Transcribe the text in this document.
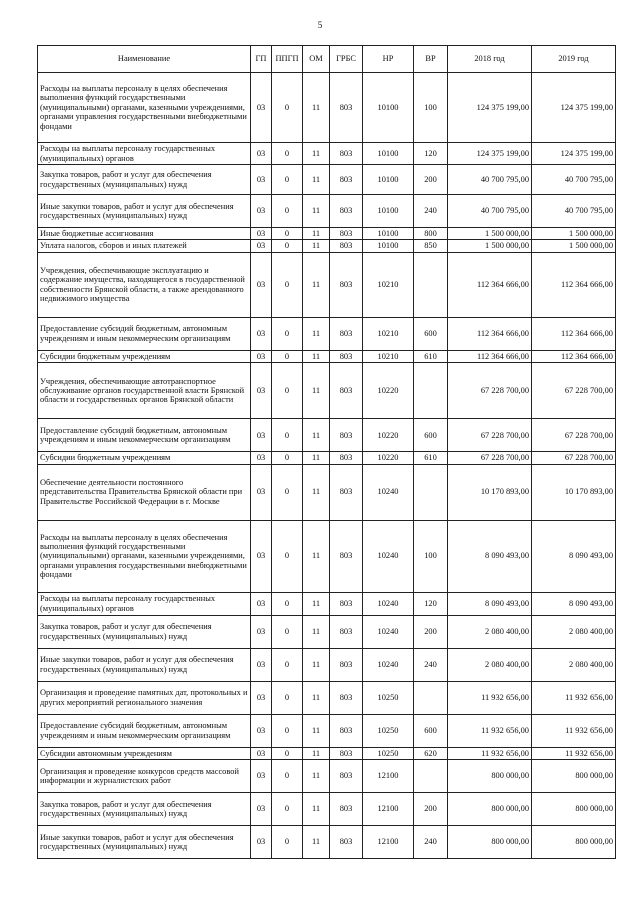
5
Наименование	ГП	ППГП	ОМ	ГРБС	НР	ВР	2018 год	2019 год
Расходы на выплаты персоналу в целях обеспечения выполнения функций государственными (муниципальными) органами, казенными учреждениями, органами управления государственными внебюджетными фондами	03	0	11	803	10100	100	124 375 199,00	124 375 199,00
Расходы на выплаты персоналу государственных (муниципальных) органов	03	0	11	803	10100	120	124 375 199,00	124 375 199,00
Закупка товаров, работ и услуг для обеспечения государственных (муниципальных) нужд	03	0	11	803	10100	200	40 700 795,00	40 700 795,00
Иные закупки товаров, работ и услуг для обеспечения государственных (муниципальных) нужд	03	0	11	803	10100	240	40 700 795,00	40 700 795,00
Иные бюджетные ассигнования	03	0	11	803	10100	800	1 500 000,00	1 500 000,00
Уплата налогов, сборов и иных платежей	03	0	11	803	10100	850	1 500 000,00	1 500 000,00
Учреждения, обеспечивающие эксплуатацию и содержание имущества, находящегося в государственной собственности Брянской области, а также арендованного недвижимого имущества	03	0	11	803	10210		112 364 666,00	112 364 666,00
Предоставление субсидий бюджетным, автономным учреждениям и иным некоммерческим организациям	03	0	11	803	10210	600	112 364 666,00	112 364 666,00
Субсидии бюджетным учреждениям	03	0	11	803	10210	610	112 364 666,00	112 364 666,00
Учреждения, обеспечивающие автотранспортное обслуживание органов государственной власти Брянской области и государственных органов Брянской области	03	0	11	803	10220		67 228 700,00	67 228 700,00
Предоставление субсидий бюджетным, автономным учреждениям и иным некоммерческим организациям	03	0	11	803	10220	600	67 228 700,00	67 228 700,00
Субсидии бюджетным учреждениям	03	0	11	803	10220	610	67 228 700,00	67 228 700,00
Обеспечение деятельности постоянного представительства Правительства Брянской области при Правительстве Российской Федерации в г. Москве	03	0	11	803	10240		10 170 893,00	10 170 893,00
Расходы на выплаты персоналу в целях обеспечения выполнения функций государственными (муниципальными) органами, казенными учреждениями, органами управления государственными внебюджетными фондами	03	0	11	803	10240	100	8 090 493,00	8 090 493,00
Расходы на выплаты персоналу государственных (муниципальных) органов	03	0	11	803	10240	120	8 090 493,00	8 090 493,00
Закупка товаров, работ и услуг для обеспечения государственных (муниципальных) нужд	03	0	11	803	10240	200	2 080 400,00	2 080 400,00
Иные закупки товаров, работ и услуг для обеспечения государственных (муниципальных) нужд	03	0	11	803	10240	240	2 080 400,00	2 080 400,00
Организация и проведение памятных дат, протокольных и других мероприятий регионального значения	03	0	11	803	10250		11 932 656,00	11 932 656,00
Предоставление субсидий бюджетным, автономным учреждениям и иным некоммерческим организациям	03	0	11	803	10250	600	11 932 656,00	11 932 656,00
Субсидии автономным учреждениям	03	0	11	803	10250	620	11 932 656,00	11 932 656,00
Организация и проведение конкурсов средств массовой информации и журналистских работ	03	0	11	803	12100		800 000,00	800 000,00
Закупка товаров, работ и услуг для обеспечения государственных (муниципальных) нужд	03	0	11	803	12100	200	800 000,00	800 000,00
Иные закупки товаров, работ и услуг для обеспечения государственных (муниципальных) нужд	03	0	11	803	12100	240	800 000,00	800 000,00
